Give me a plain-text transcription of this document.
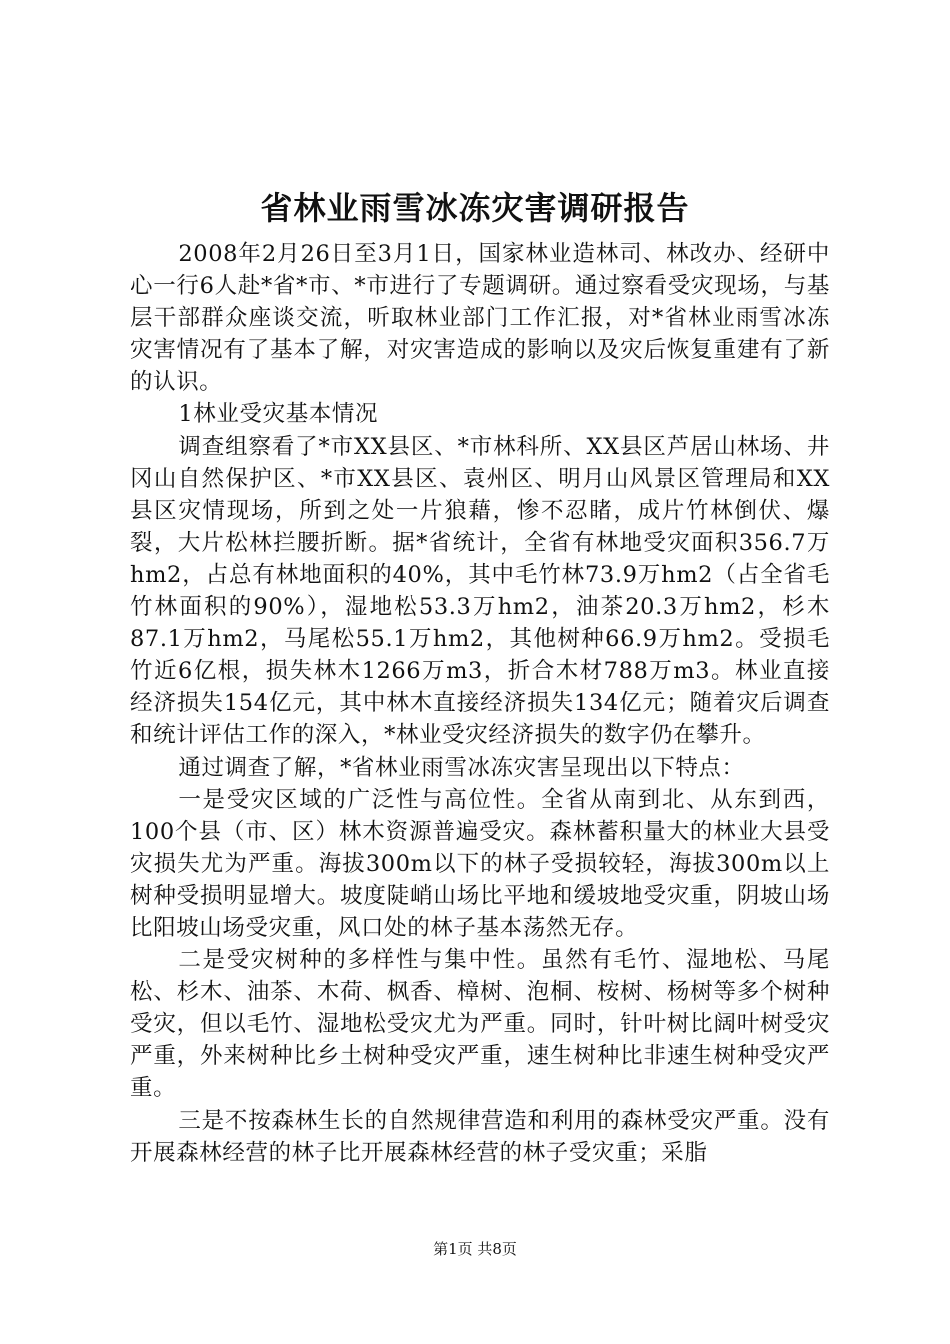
省林业雨雪冰冻灾害调研报告

2008年2月26日至3月1日，国家林业造林司、林改办、经研中心一行6人赴*省*市、*市进行了专题调研。通过察看受灾现场，与基层干部群众座谈交流，听取林业部门工作汇报，对*省林业雨雪冰冻灾害情况有了基本了解，对灾害造成的影响以及灾后恢复重建有了新的认识。

1林业受灾基本情况

调查组察看了*市XX县区、*市林科所、XX县区芦居山林场、井冈山自然保护区、*市XX县区、袁州区、明月山风景区管理局和XX县区灾情现场，所到之处一片狼藉，惨不忍睹，成片竹林倒伏、爆裂，大片松林拦腰折断。据*省统计，全省有林地受灾面积356.7万hm2，占总有林地面积的40%，其中毛竹林73.9万hm2（占全省毛竹林面积的90%），湿地松53.3万hm2，油茶20.3万hm2，杉木87.1万hm2，马尾松55.1万hm2，其他树种66.9万hm2。受损毛竹近6亿根，损失林木1266万m3，折合木材788万m3。林业直接经济损失154亿元，其中林木直接经济损失134亿元；随着灾后调查和统计评估工作的深入，*林业受灾经济损失的数字仍在攀升。

通过调查了解，*省林业雨雪冰冻灾害呈现出以下特点：

一是受灾区域的广泛性与高位性。全省从南到北、从东到西，100个县（市、区）林木资源普遍受灾。森林蓄积量大的林业大县受灾损失尤为严重。海拔300m以下的林子受损较轻，海拔300m以上树种受损明显增大。坡度陡峭山场比平地和缓坡地受灾重，阴坡山场比阳坡山场受灾重，风口处的林子基本荡然无存。

二是受灾树种的多样性与集中性。虽然有毛竹、湿地松、马尾松、杉木、油茶、木荷、枫香、樟树、泡桐、桉树、杨树等多个树种受灾，但以毛竹、湿地松受灾尤为严重。同时，针叶树比阔叶树受灾严重，外来树种比乡土树种受灾严重，速生树种比非速生树种受灾严重。

三是不按森林生长的自然规律营造和利用的森林受灾严重。没有开展森林经营的林子比开展森林经营的林子受灾重；采脂

第1页 共8页
